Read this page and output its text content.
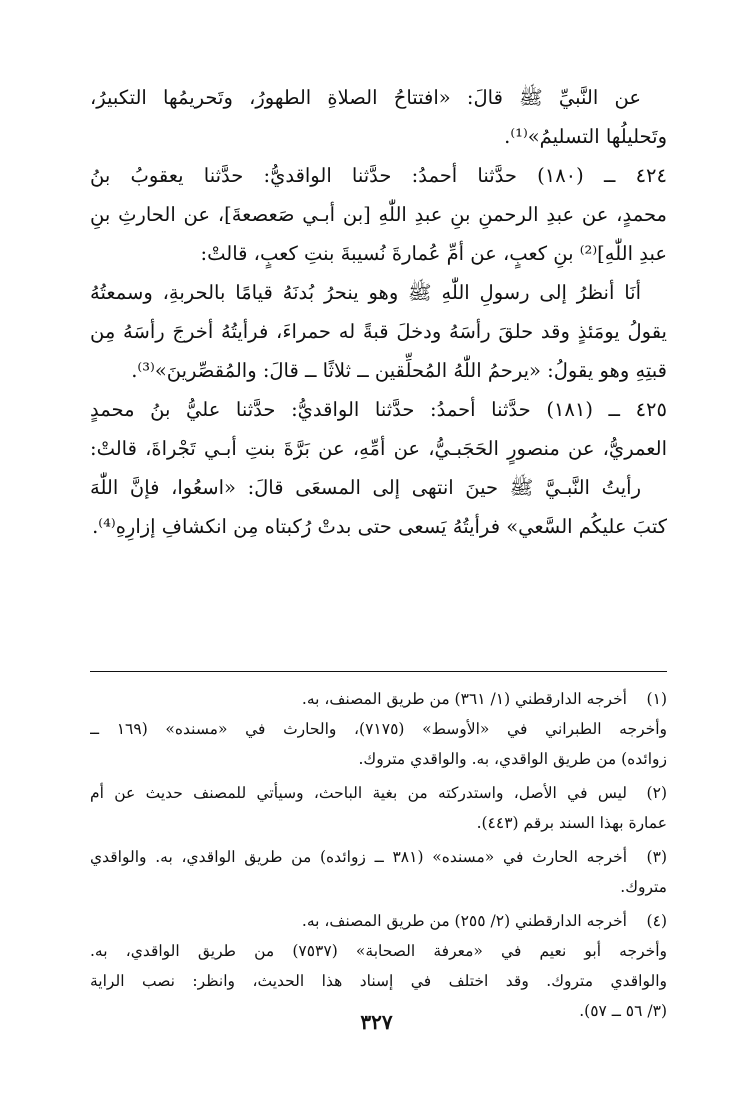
عن النَّبيِّ ﷺ قالَ: «افتتاحُ الصلاةِ الطهورُ، وتَحريمُها التكبيرُ،
وتَحليلُها التسليمُ»⁽¹⁾.
٤٢٤ ــ (١٨٠) حدَّثنا أحمدُ: حدَّثنا الواقديُّ: حدَّثنا يعقوبُ بنُ
محمدٍ، عن عبدِ الرحمنِ بنِ عبدِ اللّٰهِ [بن أبـي صَعصعةَ]، عن الحارثِ بنِ
عبدِ اللّٰهِ]⁽²⁾ بنِ كعبٍ، عن أمِّ عُمارةَ نُسيبةَ بنتِ كعبٍ، قالتْ:
أنَا أنظرُ إلى رسولِ اللّٰهِ ﷺ وهو ينحرُ بُدنَهُ قيامًا بالحربةِ، وسمعتُهُ
يقولُ يومَئذٍ وقد حلقَ رأسَهُ ودخلَ قبةً له حمراءَ، فرأيتُهُ أخرجَ رأسَهُ مِن
قبتِهِ وهو يقولُ: «يرحمُ اللّٰهُ المُحلِّقين ــ ثلاثًا ــ قالَ: والمُقصِّرينَ»⁽³⁾.
٤٢٥ ــ (١٨١) حدَّثنا أحمدُ: حدَّثنا الواقديُّ: حدَّثنا عليُّ بنُ محمدٍ
العمريُّ، عن منصورٍ الحَجَبـيُّ، عن أمِّهِ، عن بَرَّةَ بنتِ أبـي تَجْراةَ، قالتْ:
رأيتُ النَّبـيَّ ﷺ حينَ انتهى إلى المسعَى قالَ: «اسعُوا، فإنَّ اللّٰهَ
كتبَ عليكُم السَّعي» فرأيتُهُ يَسعى حتى بدتْ رُكبتاه مِن انكشافِ إزارِهِ⁽⁴⁾.
(١)
أخرجه الدارقطني (١/ ٣٦١) من طريق المصنف، به.
وأخرجه الطبراني في «الأوسط» (٧١٧٥)، والحارث في «مسنده» (١٦٩ ــ
زوائده) من طريق الواقدي، به. والواقدي متروك.
(٢)
ليس في الأصل، واستدركته من بغية الباحث، وسيأتي للمصنف حديث عن أم
عمارة بهذا السند برقم (٤٤٣).
(٣)
أخرجه الحارث في «مسنده» (٣٨١ ــ زوائده) من طريق الواقدي، به. والواقدي
متروك.
(٤)
أخرجه الدارقطني (٢/ ٢٥٥) من طريق المصنف، به.
وأخرجه أبو نعيم في «معرفة الصحابة» (٧٥٣٧) من طريق الواقدي، به.
والواقدي متروك. وقد اختلف في إسناد هذا الحديث، وانظر: نصب الراية
(٣/ ٥٦ ــ ٥٧).
٣٢٧
